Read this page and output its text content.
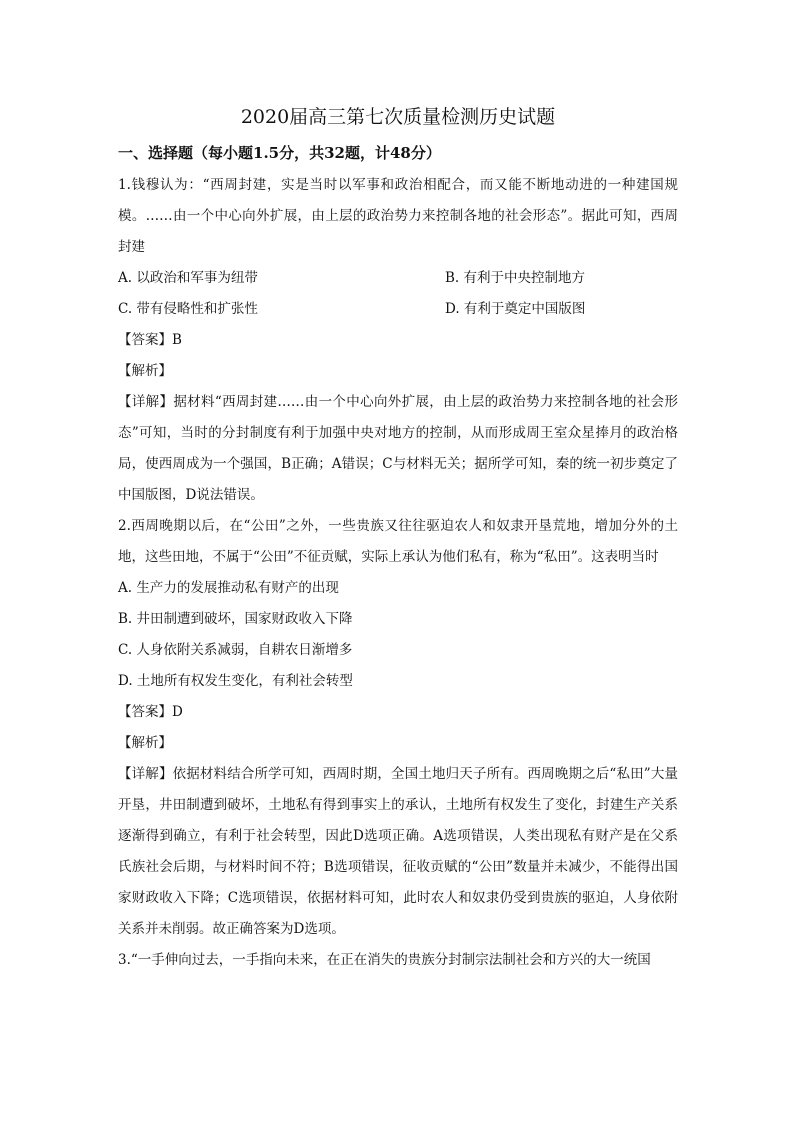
2020届高三第七次质量检测历史试题
一、选择题（每小题1.5分，共32题，计48分）

1.钱穆认为：“西周封建，实是当时以军事和政治相配合，而又能不断地动进的一种建国规模。……由一个中心向外扩展，由上层的政治势力来控制各地的社会形态”。据此可知，西周封建

A. 以政治和军事为纽带	B. 有利于中央控制地方
C. 带有侵略性和扩张性	D. 有利于奠定中国版图
【答案】B
【解析】

【详解】据材料“西周封建……由一个中心向外扩展，由上层的政治势力来控制各地的社会形态”可知，当时的分封制度有利于加强中央对地方的控制，从而形成周王室众星捧月的政治格局，使西周成为一个强国，B正确；A错误；C与材料无关；据所学可知，秦的统一初步奠定了中国版图，D说法错误。

2.西周晚期以后，在“公田”之外，一些贵族又往往驱迫农人和奴隶开垦荒地，增加分外的土地，这些田地，不属于“公田”不征贡赋，实际上承认为他们私有，称为“私田”。这表明当时

A. 生产力的发展推动私有财产的出现
B. 井田制遭到破坏，国家财政收入下降
C. 人身依附关系减弱，自耕农日渐增多
D. 土地所有权发生变化，有利社会转型
【答案】D
【解析】

【详解】依据材料结合所学可知，西周时期，全国土地归天子所有。西周晚期之后“私田”大量开垦，井田制遭到破坏，土地私有得到事实上的承认，土地所有权发生了变化，封建生产关系逐渐得到确立，有利于社会转型，因此D选项正确。A选项错误，人类出现私有财产是在父系氏族社会后期，与材料时间不符；B选项错误，征收贡赋的“公田”数量并未减少，不能得出国家财政收入下降；C选项错误，依据材料可知，此时农人和奴隶仍受到贵族的驱迫，人身依附关系并未削弱。故正确答案为D选项。

3.“一手伸向过去，一手指向未来，在正在消失的贵族分封制宗法制社会和方兴的大一统国
